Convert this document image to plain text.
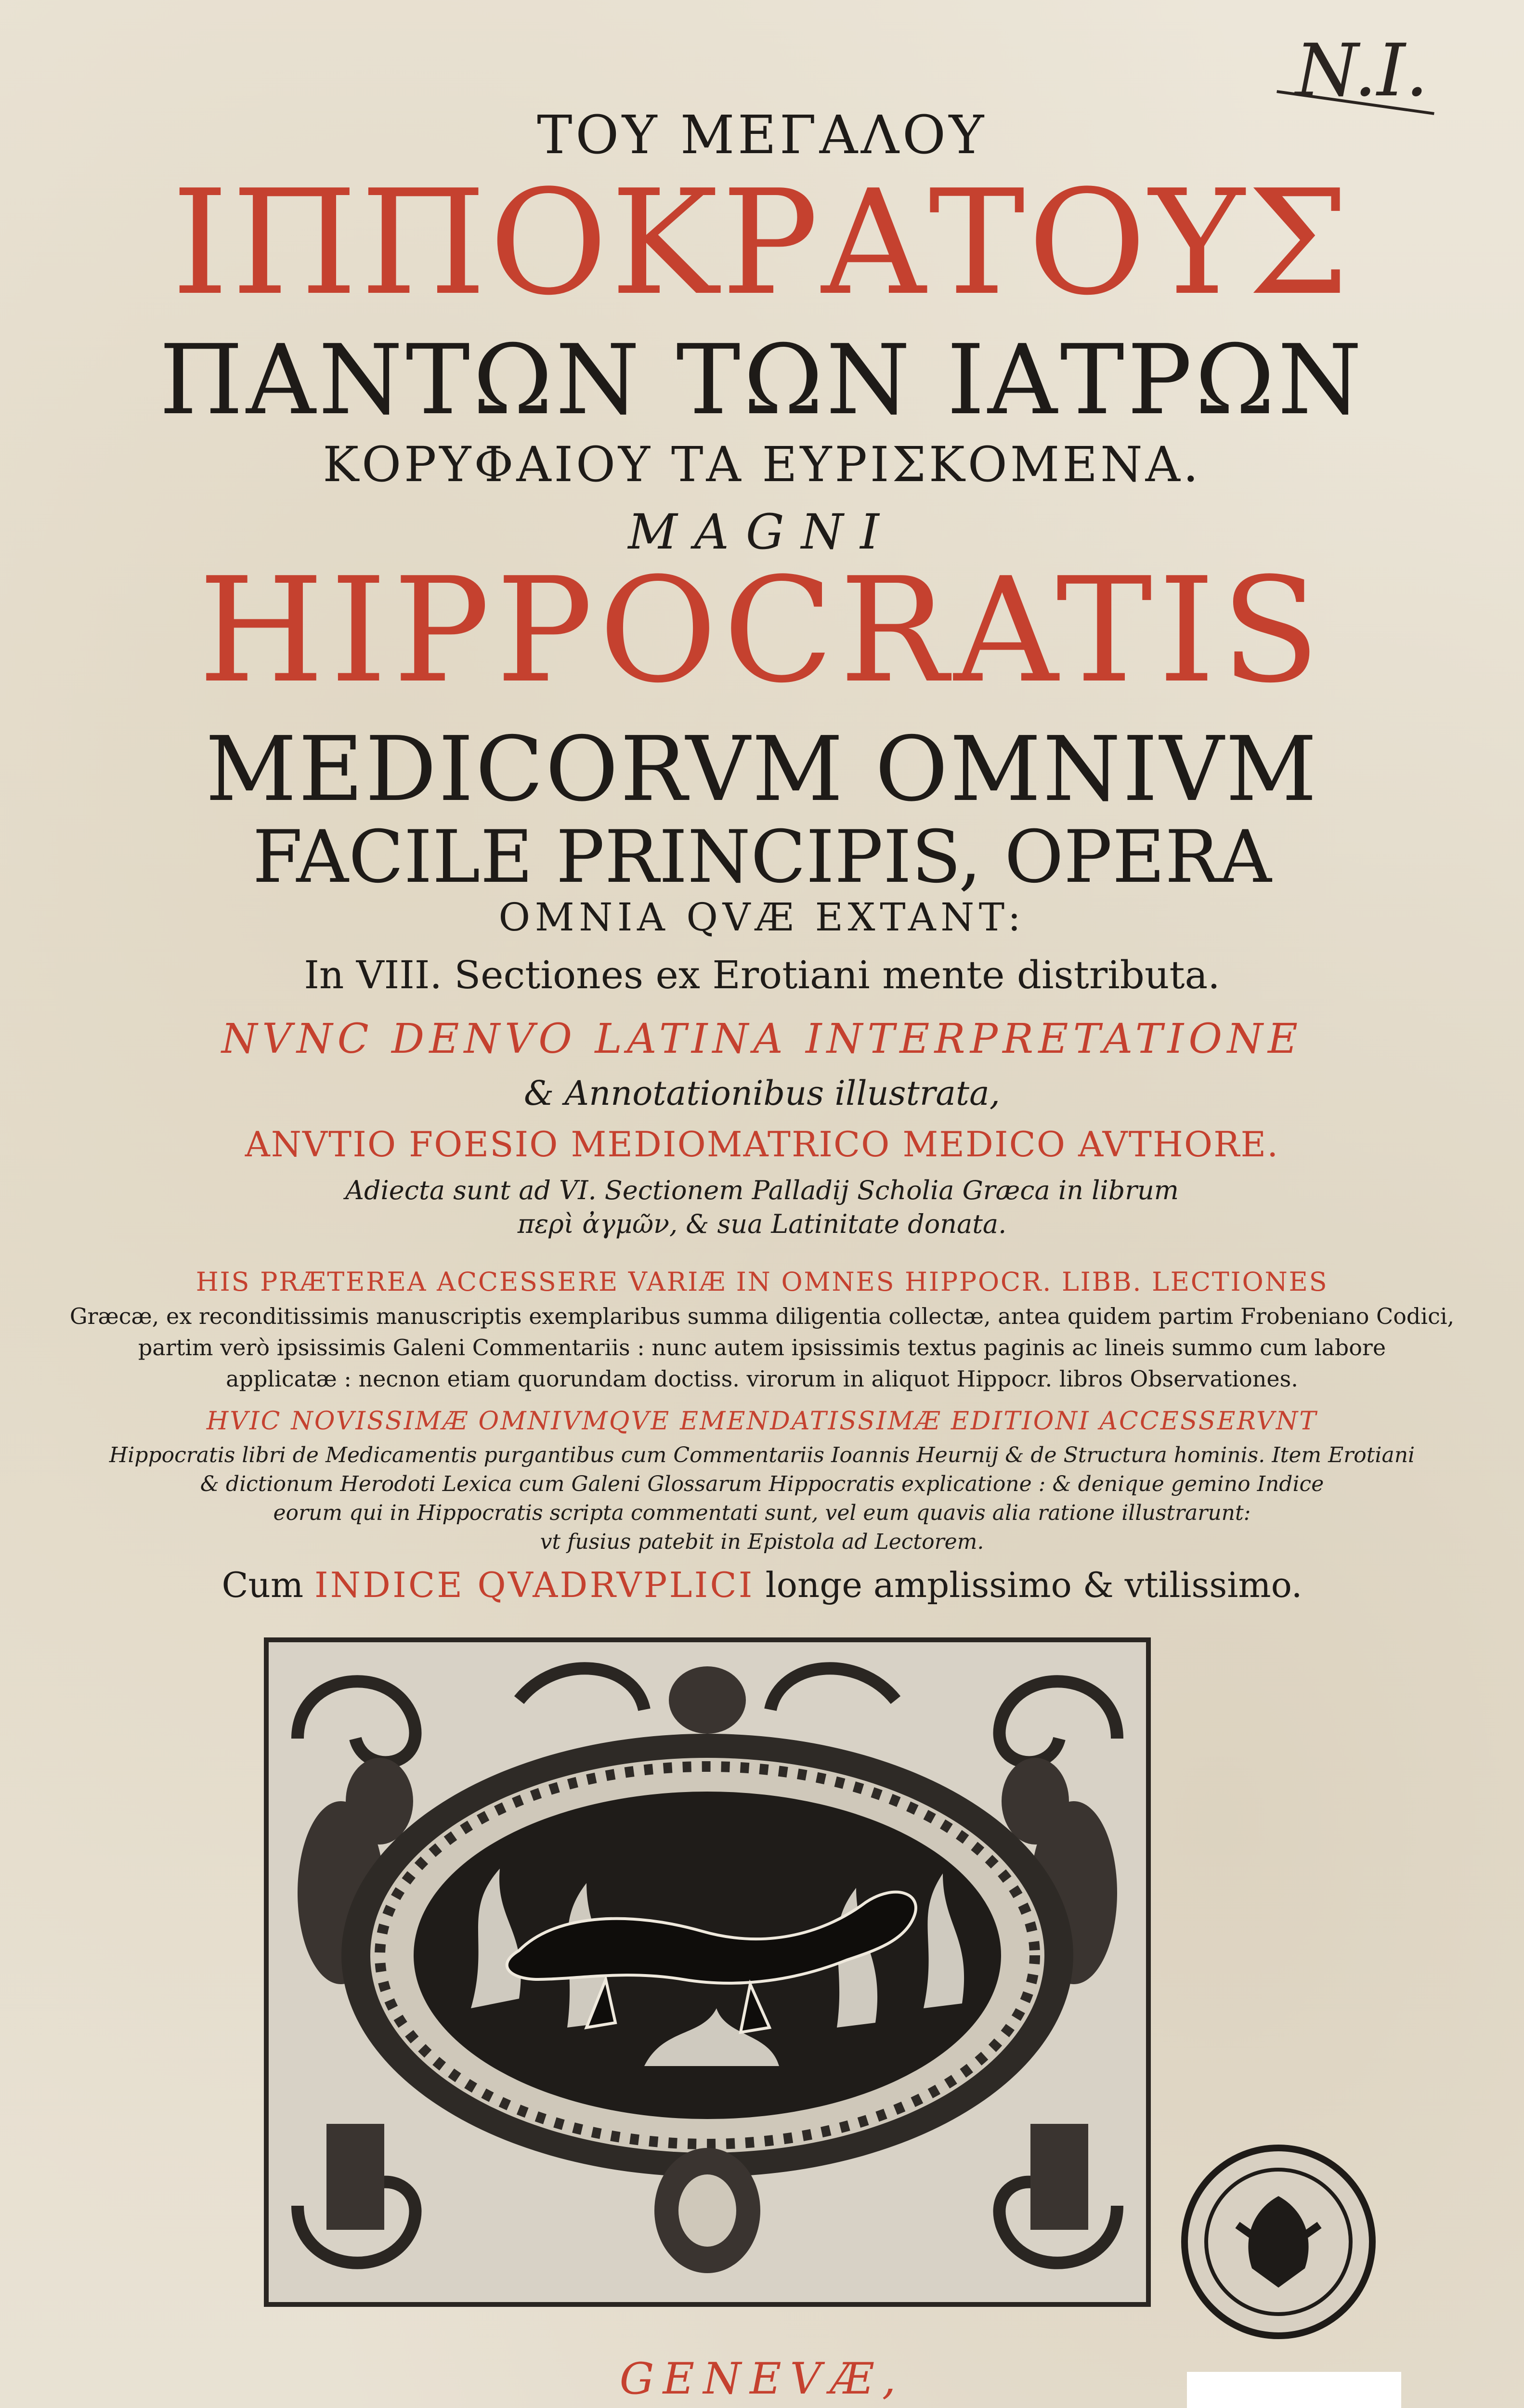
N.I.
ΤΟΥ ΜΕΓΑΛΟΥ
ΙΠΠΟΚΡΑΤΟΥΣ
ΠΑΝΤΩΝ ΤΩΝ ΙΑΤΡΩΝ
ΚΟΡΥΦΑΙΟΥ ΤΑ ΕΥΡΙΣΚΟΜΕΝΑ.
MAGNI
HIPPOCRATIS
MEDICORVM OMNIVM
FACILE PRINCIPIS, OPERA
OMNIA QVÆ EXTANT:
In VIII. Sectiones ex Erotiani mente distributa.
NVNC DENVO LATINA INTERPRETATIONE
& Annotationibus illustrata,
ANVTIO FOESIO MEDIOMATRICO MEDICO AVTHORE.
Adiecta sunt ad VI. Sectionem Palladij Scholia Græca in librum
περὶ ἀγμῶν, & sua Latinitate donata.
HIS PRÆTEREA ACCESSERE VARIÆ IN OMNES HIPPOCR. LIBB. LECTIONES
Græcæ, ex reconditissimis manuscriptis exemplaribus summa diligentia collectæ, antea quidem partim Frobeniano Codici,
partim verò ipsissimis Galeni Commentariis : nunc autem ipsissimis textus paginis ac lineis summo cum labore
applicatæ : necnon etiam quorundam doctiss. virorum in aliquot Hippocr. libros Observationes.
HVIC NOVISSIMÆ OMNIVMQVE EMENDATISSIMÆ EDITIONI ACCESSERVNT
Hippocratis libri de Medicamentis purgantibus cum Commentariis Ioannis Heurnij & de Structura hominis. Item Erotiani
& dictionum Herodoti Lexica cum Galeni Glossarum Hippocratis explicatione : & denique gemino Indice
eorum qui in Hippocratis scripta commentati sunt, vel eum quavis alia ratione illustrarunt:
vt fusius patebit in Epistola ad Lectorem.
Cum INDICE QVADRVPLICI longe amplissimo & vtilissimo.
GENEVÆ,
